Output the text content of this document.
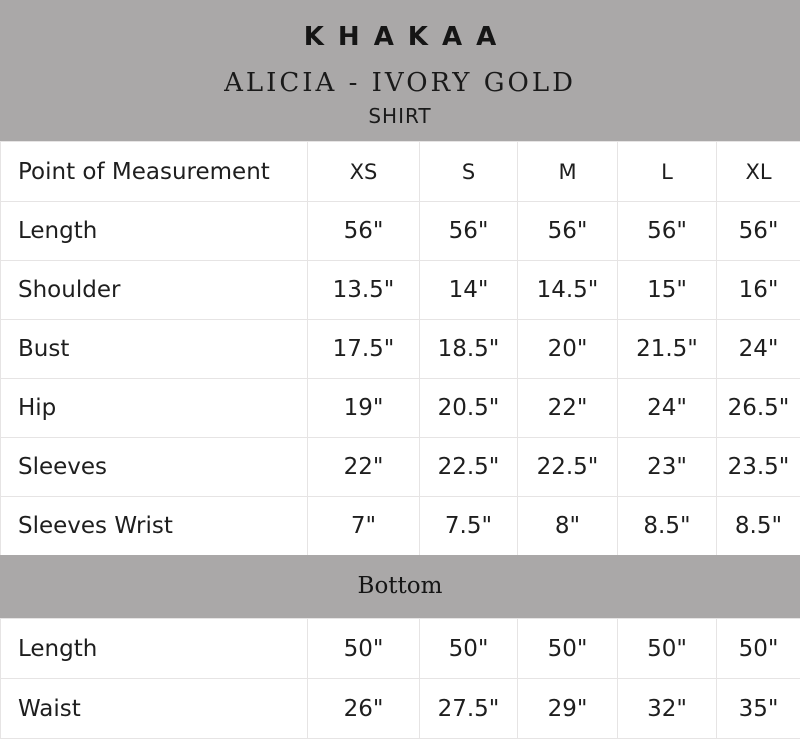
KHAKAA
ALICIA - IVORY GOLD
SHIRT
Point of Measurement	XS	S	M	L	XL
Length	56"	56"	56"	56"	56"
Shoulder	13.5"	14"	14.5"	15"	16"
Bust	17.5"	18.5"	20"	21.5"	24"
Hip	19"	20.5"	22"	24"	26.5"
Sleeves	22"	22.5"	22.5"	23"	23.5"
Sleeves Wrist	7"	7.5"	8"	8.5"	8.5"
Bottom
Length	50"	50"	50"	50"	50"
Waist	26"	27.5"	29"	32"	35"
